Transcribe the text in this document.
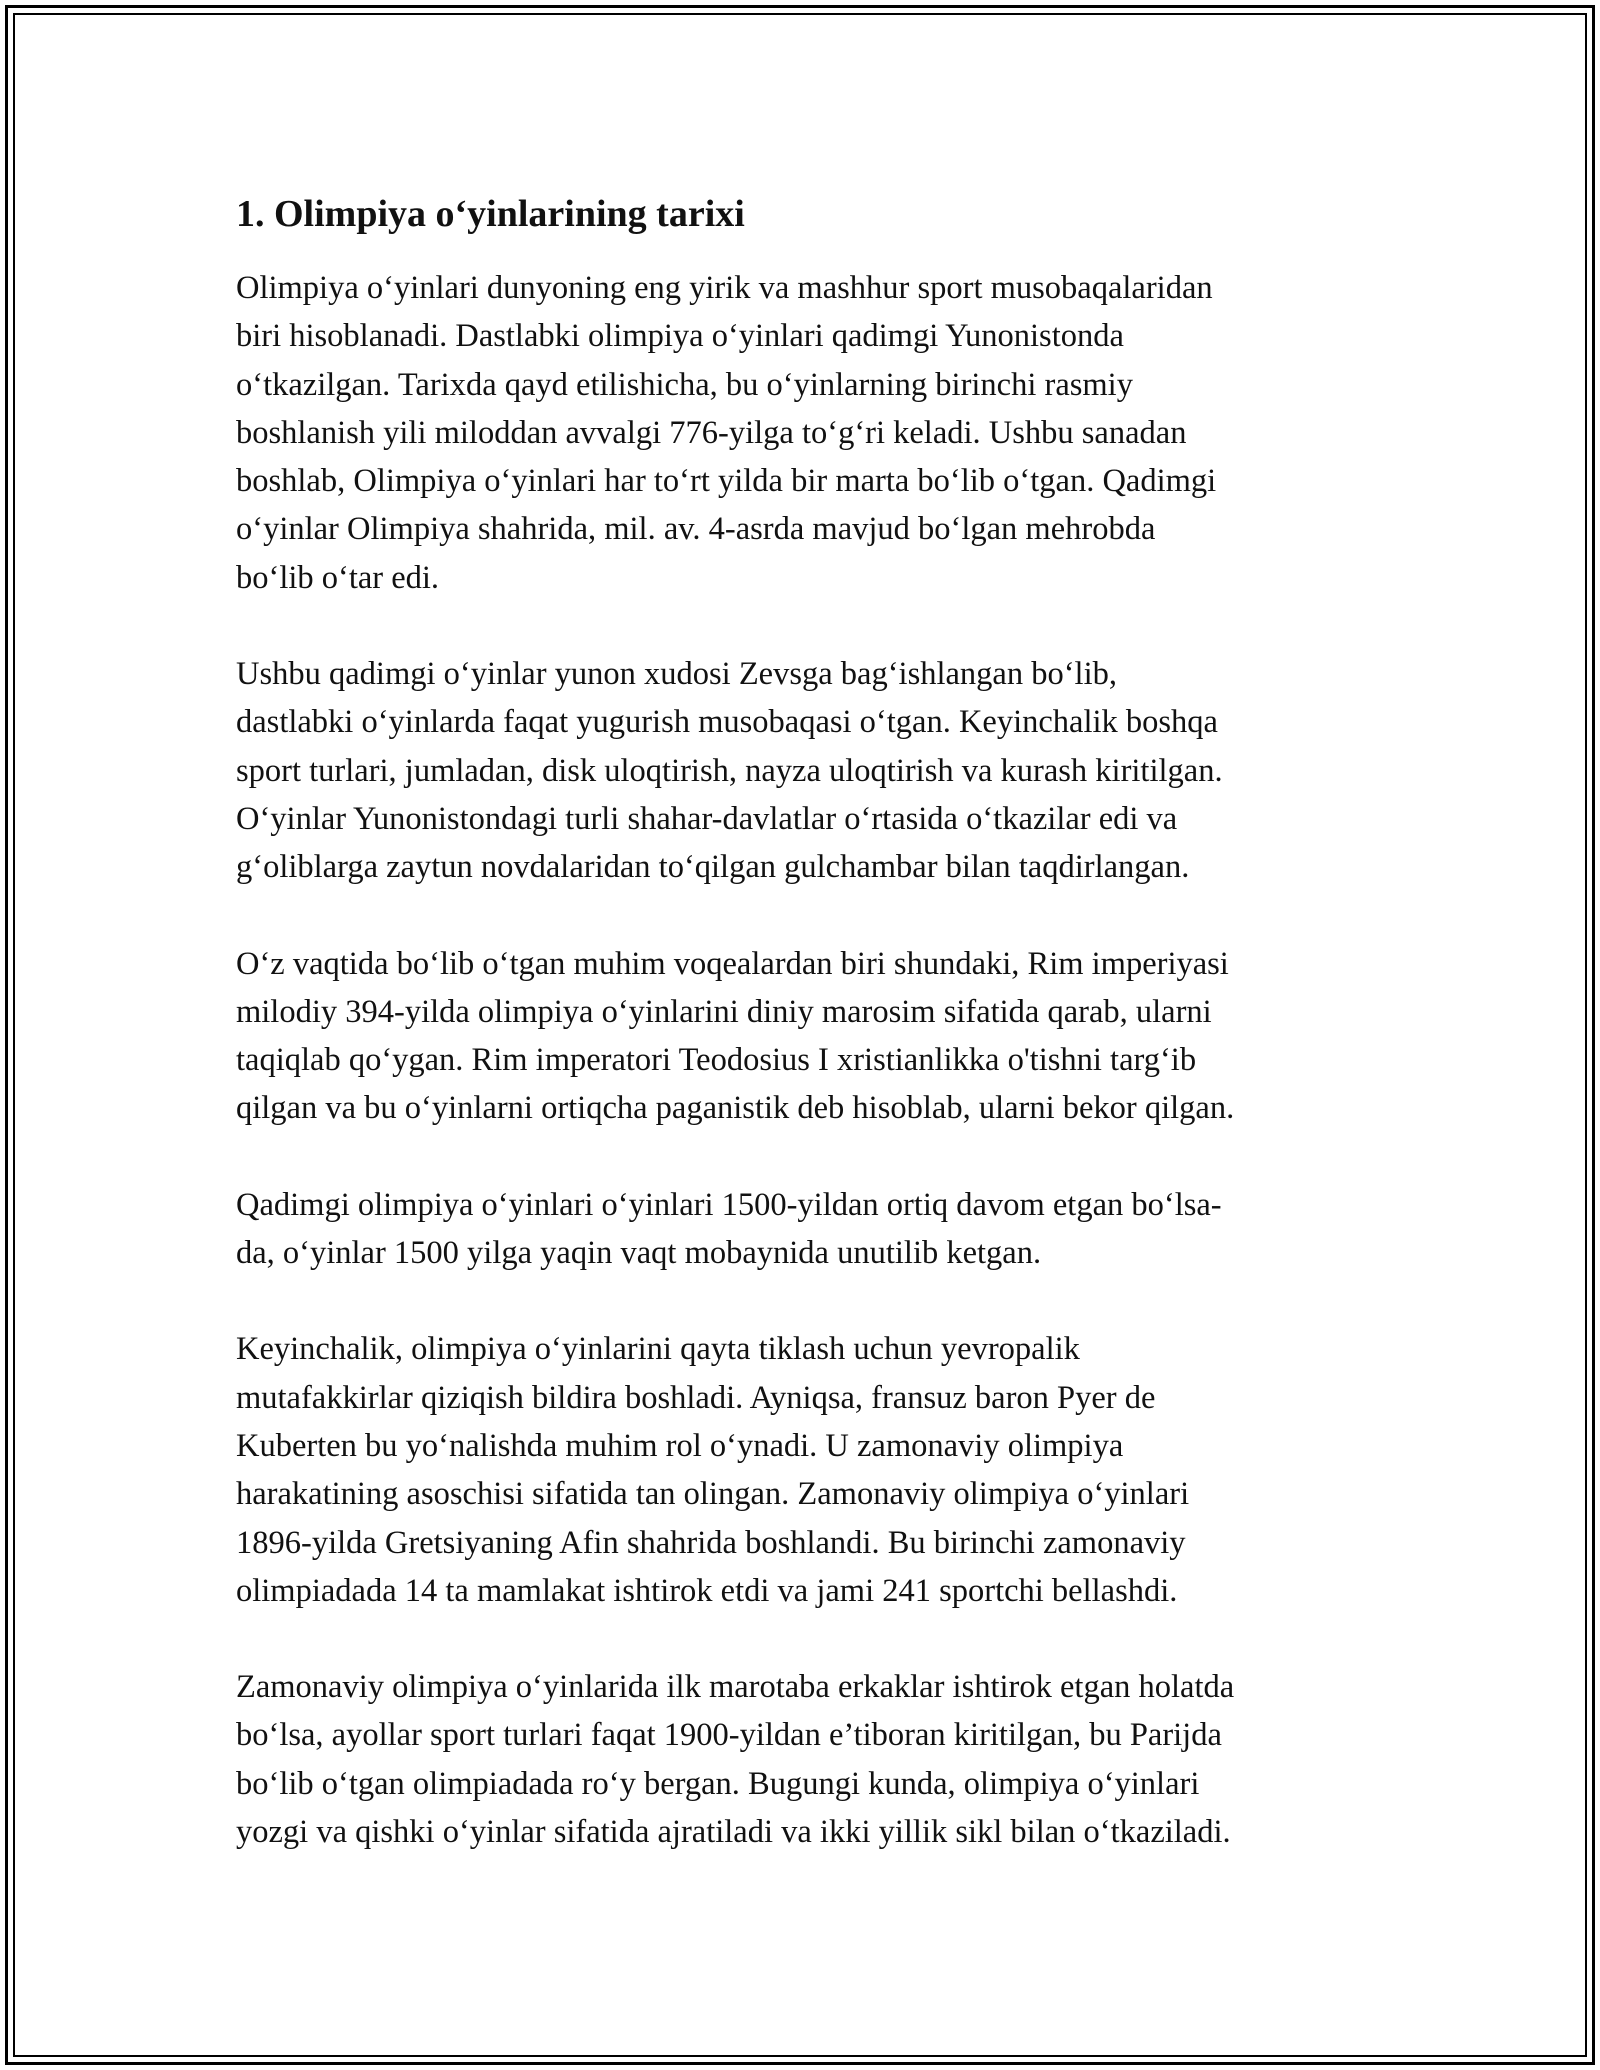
1. Olimpiya o‘yinlarining tarixi
Olimpiya o‘yinlari dunyoning eng yirik va mashhur sport musobaqalaridan
biri hisoblanadi. Dastlabki olimpiya o‘yinlari qadimgi Yunonistonda
o‘tkazilgan. Tarixda qayd etilishicha, bu o‘yinlarning birinchi rasmiy
boshlanish yili miloddan avvalgi 776-yilga to‘g‘ri keladi. Ushbu sanadan
boshlab, Olimpiya o‘yinlari har to‘rt yilda bir marta bo‘lib o‘tgan. Qadimgi
o‘yinlar Olimpiya shahrida, mil. av. 4-asrda mavjud bo‘lgan mehrobda
bo‘lib o‘tar edi.
Ushbu qadimgi o‘yinlar yunon xudosi Zevsga bag‘ishlangan bo‘lib,
dastlabki o‘yinlarda faqat yugurish musobaqasi o‘tgan. Keyinchalik boshqa
sport turlari, jumladan, disk uloqtirish, nayza uloqtirish va kurash kiritilgan.
O‘yinlar Yunonistondagi turli shahar-davlatlar o‘rtasida o‘tkazilar edi va
g‘oliblarga zaytun novdalaridan to‘qilgan gulchambar bilan taqdirlangan.
O‘z vaqtida bo‘lib o‘tgan muhim voqealardan biri shundaki, Rim imperiyasi
milodiy 394-yilda olimpiya o‘yinlarini diniy marosim sifatida qarab, ularni
taqiqlab qo‘ygan. Rim imperatori Teodosius I xristianlikka o'tishni targ‘ib
qilgan va bu o‘yinlarni ortiqcha paganistik deb hisoblab, ularni bekor qilgan.
Qadimgi olimpiya o‘yinlari o‘yinlari 1500-yildan ortiq davom etgan bo‘lsa-
da, o‘yinlar 1500 yilga yaqin vaqt mobaynida unutilib ketgan.
Keyinchalik, olimpiya o‘yinlarini qayta tiklash uchun yevropalik
mutafakkirlar qiziqish bildira boshladi. Ayniqsa, fransuz baron Pyer de
Kuberten bu yo‘nalishda muhim rol o‘ynadi. U zamonaviy olimpiya
harakatining asoschisi sifatida tan olingan. Zamonaviy olimpiya o‘yinlari
1896-yilda Gretsiyaning Afin shahrida boshlandi. Bu birinchi zamonaviy
olimpiadada 14 ta mamlakat ishtirok etdi va jami 241 sportchi bellashdi.
Zamonaviy olimpiya o‘yinlarida ilk marotaba erkaklar ishtirok etgan holatda
bo‘lsa, ayollar sport turlari faqat 1900-yildan e’tiboran kiritilgan, bu Parijda
bo‘lib o‘tgan olimpiadada ro‘y bergan. Bugungi kunda, olimpiya o‘yinlari
yozgi va qishki o‘yinlar sifatida ajratiladi va ikki yillik sikl bilan o‘tkaziladi.
